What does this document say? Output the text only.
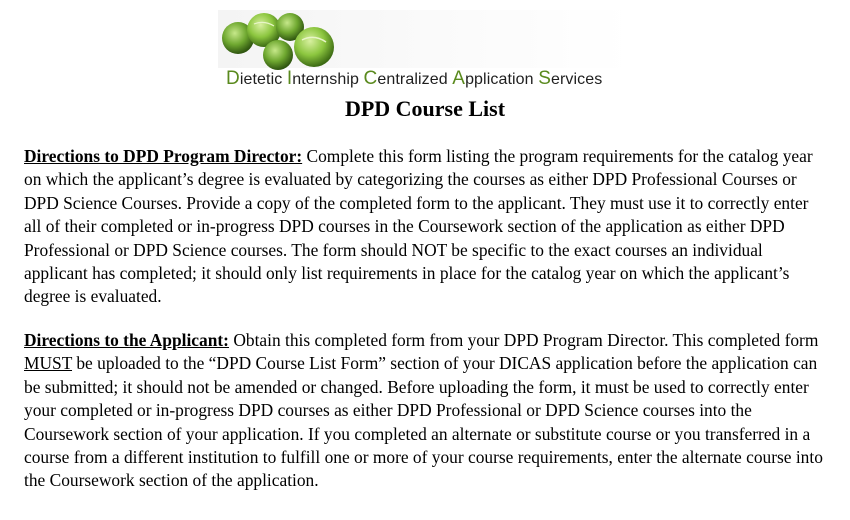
Dietetic Internship Centralized Application Services
DPD Course List

Directions to DPD Program Director: Complete this form listing the program requirements for the catalog year on which the applicant’s degree is evaluated by categorizing the courses as either DPD Professional Courses or DPD Science Courses. Provide a copy of the completed form to the applicant. They must use it to correctly enter all of their completed or in-progress DPD courses in the Coursework section of the application as either DPD Professional or DPD Science courses. The form should NOT be specific to the exact courses an individual applicant has completed; it should only list requirements in place for the catalog year on which the applicant’s degree is evaluated.

Directions to the Applicant: Obtain this completed form from your DPD Program Director. This completed form MUST be uploaded to the “DPD Course List Form” section of your DICAS application before the application can be submitted; it should not be amended or changed. Before uploading the form, it must be used to correctly enter your completed or in-progress DPD courses as either DPD Professional or DPD Science courses into the Coursework section of your application. If you completed an alternate or substitute course or you transferred in a course from a different institution to fulfill one or more of your course requirements, enter the alternate course into the Coursework section of the application.
